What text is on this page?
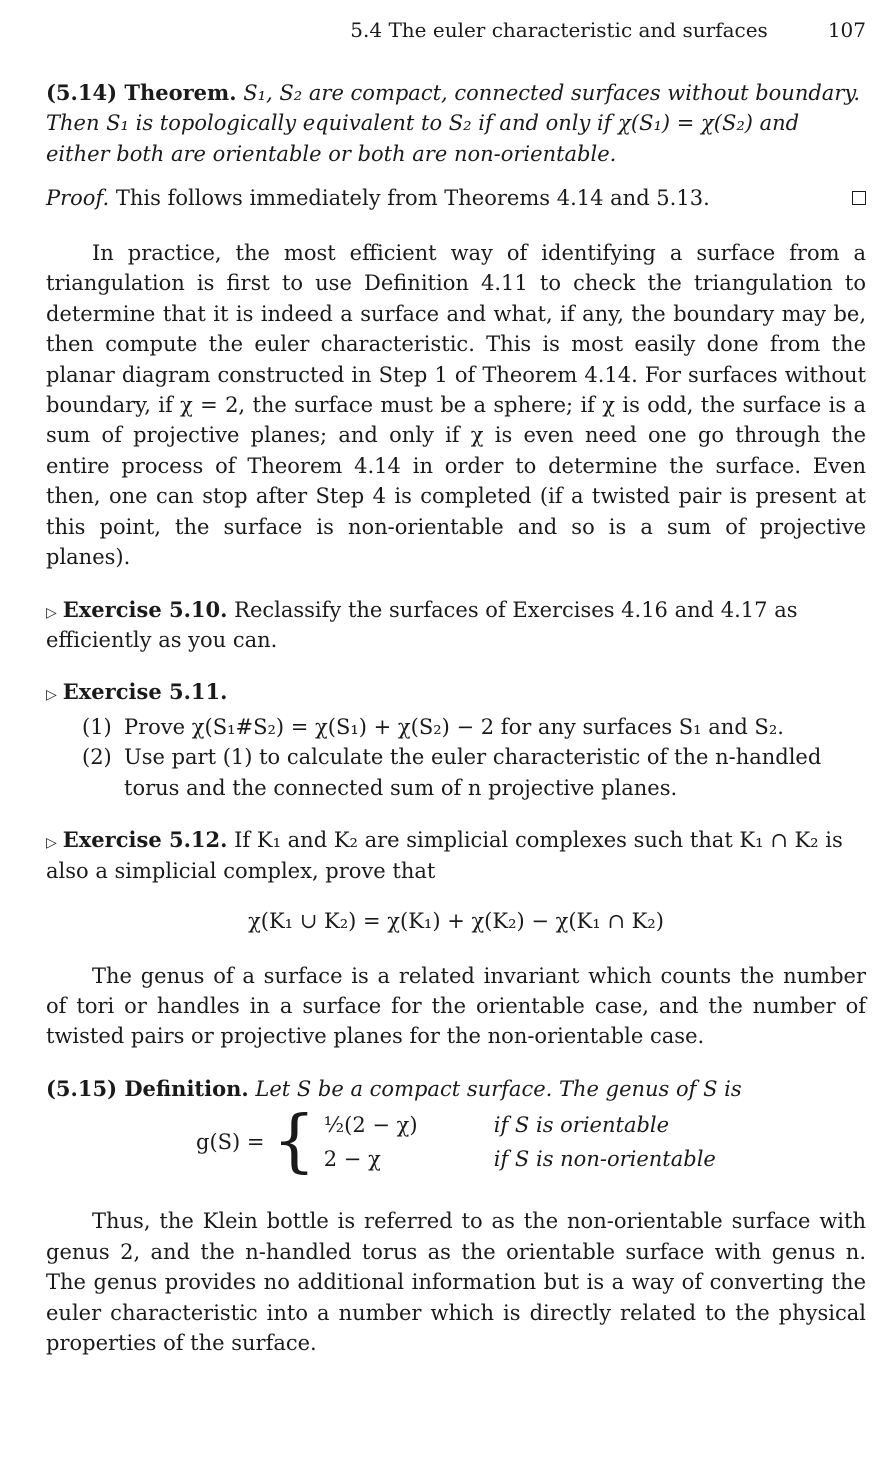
5.4 The euler characteristic and surfaces	107

(5.14) Theorem. S₁, S₂ are compact, connected surfaces without boundary. Then S₁ is topologically equivalent to S₂ if and only if χ(S₁) = χ(S₂) and either both are orientable or both are non-orientable.

Proof. This follows immediately from Theorems 4.14 and 5.13.

In practice, the most efficient way of identifying a surface from a triangulation is first to use Definition 4.11 to check the triangulation to determine that it is indeed a surface and what, if any, the boundary may be, then compute the euler characteristic. This is most easily done from the planar diagram constructed in Step 1 of Theorem 4.14. For surfaces without boundary, if χ = 2, the surface must be a sphere; if χ is odd, the surface is a sum of projective planes; and only if χ is even need one go through the entire process of Theorem 4.14 in order to determine the surface. Even then, one can stop after Step 4 is completed (if a twisted pair is present at this point, the surface is non-orientable and so is a sum of projective planes).

▷ Exercise 5.10. Reclassify the surfaces of Exercises 4.16 and 4.17 as efficiently as you can.

▷ Exercise 5.11.
(1) Prove χ(S₁#S₂) = χ(S₁) + χ(S₂) − 2 for any surfaces S₁ and S₂.
(2) Use part (1) to calculate the euler characteristic of the n-handled torus and the connected sum of n projective planes.

▷ Exercise 5.12. If K₁ and K₂ are simplicial complexes such that K₁ ∩ K₂ is also a simplicial complex, prove that

χ(K₁ ∪ K₂) = χ(K₁) + χ(K₂) − χ(K₁ ∩ K₂)

The genus of a surface is a related invariant which counts the number of tori or handles in a surface for the orientable case, and the number of twisted pairs or projective planes for the non-orientable case.

(5.15) Definition. Let S be a compact surface. The genus of S is

g(S) = { ½(2 − χ)	if S is orientable
2 − χ	if S is non-orientable

Thus, the Klein bottle is referred to as the non-orientable surface with genus 2, and the n-handled torus as the orientable surface with genus n. The genus provides no additional information but is a way of converting the euler characteristic into a number which is directly related to the physical properties of the surface.
